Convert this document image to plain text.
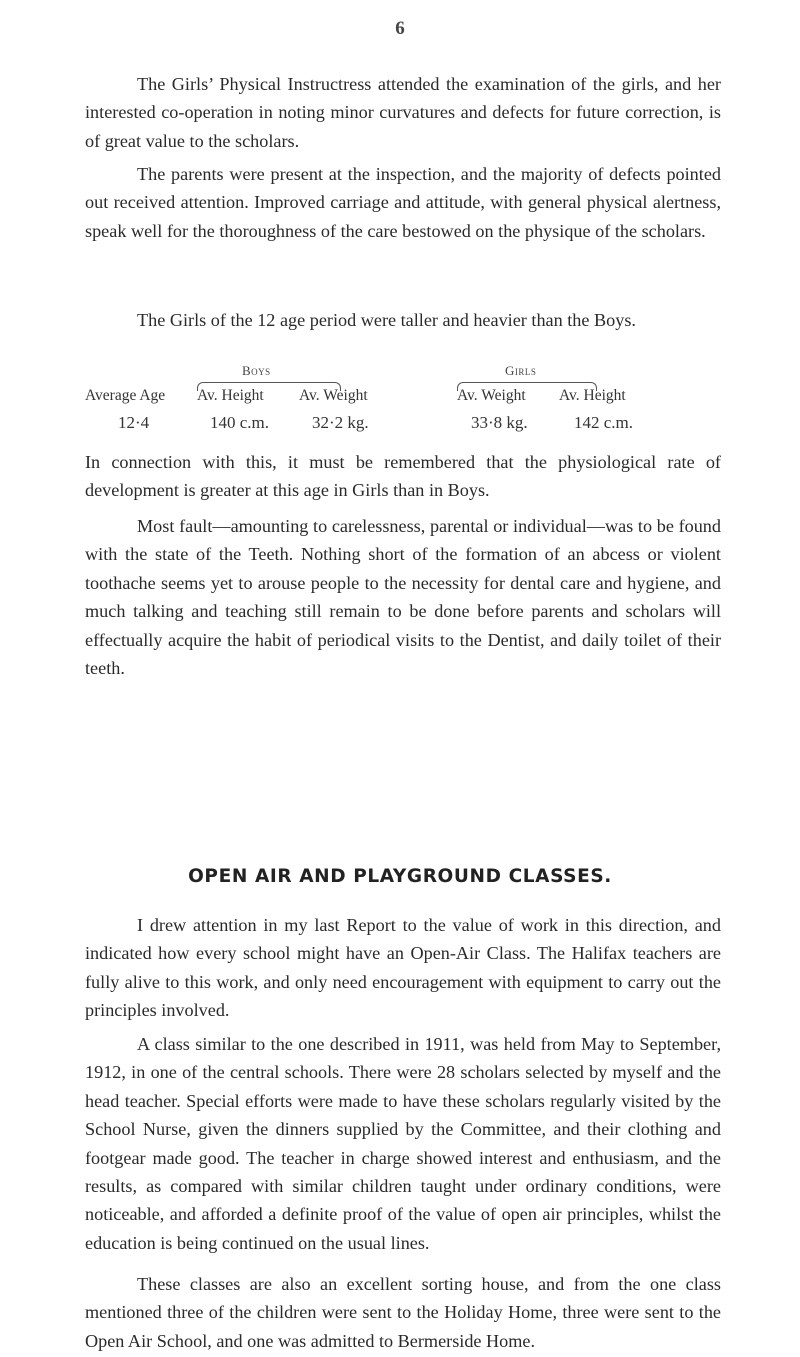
6

The Girls’ Physical Instructress attended the examination of the girls, and her interested co-operation in noting minor curvatures and defects for future correction, is of great value to the scholars.

The parents were present at the inspection, and the majority of defects pointed out received attention. Improved carriage and attitude, with general physical alertness, speak well for the thoroughness of the care bestowed on the physique of the scholars.

The Girls of the 12 age period were taller and heavier than the Boys.

Boys	Girls
Average Age Av. Height Av. Weight	Av. Weight Av. Height
12·4	140 c.m.	32·2 kg.	33·8 kg.	142 c.m.

In connection with this, it must be remembered that the physiological rate of development is greater at this age in Girls than in Boys.

Most fault—amounting to carelessness, parental or individual—was to be found with the state of the Teeth. Nothing short of the formation of an abcess or violent toothache seems yet to arouse people to the necessity for dental care and hygiene, and much talking and teaching still remain to be done before parents and scholars will effectually acquire the habit of periodical visits to the Dentist, and daily toilet of their teeth.

OPEN AIR AND PLAYGROUND CLASSES.

I drew attention in my last Report to the value of work in this direction, and indicated how every school might have an Open-Air Class. The Halifax teachers are fully alive to this work, and only need encouragement with equipment to carry out the principles involved.

A class similar to the one described in 1911, was held from May to September, 1912, in one of the central schools. There were 28 scholars selected by myself and the head teacher. Special efforts were made to have these scholars regularly visited by the School Nurse, given the dinners supplied by the Committee, and their clothing and footgear made good. The teacher in charge showed interest and enthusiasm, and the results, as compared with similar children taught under ordinary conditions, were noticeable, and afforded a definite proof of the value of open air principles, whilst the education is being continued on the usual lines.

These classes are also an excellent sorting house, and from the one class mentioned three of the children were sent to the Holiday Home, three were sent to the Open Air School, and one was admitted to Bermerside Home.
